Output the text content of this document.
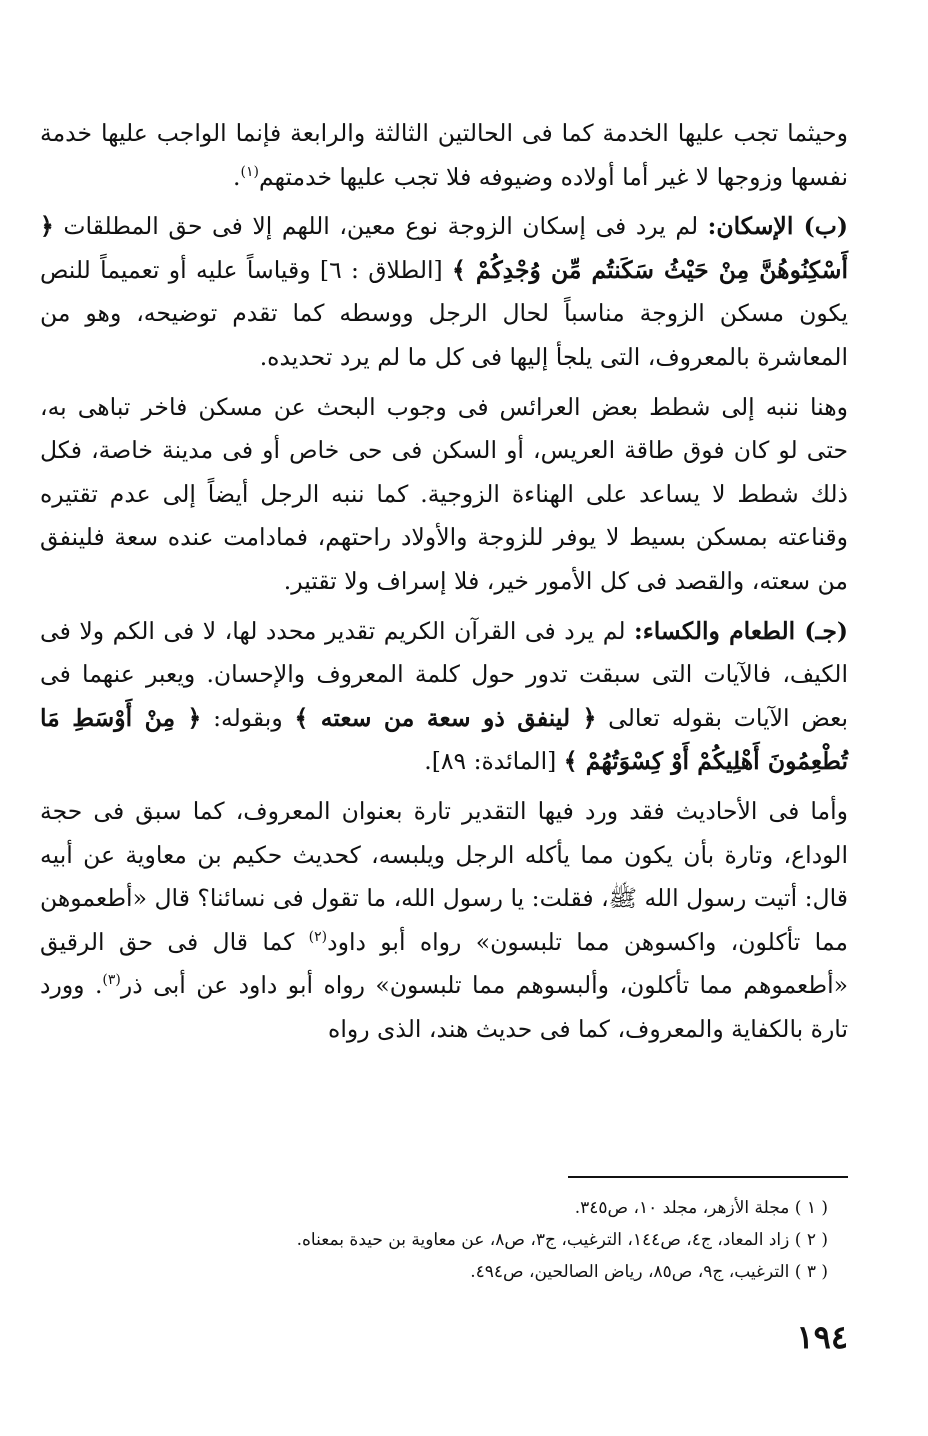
وحيثما تجب عليها الخدمة كما فى الحالتين الثالثة والرابعة فإنما الواجب عليها خدمة نفسها وزوجها لا غير أما أولاده وضيوفه فلا تجب عليها خدمتهم$^{(١)}$.

(ب) الإسكان: لم يرد فى إسكان الزوجة نوع معين، اللهم إلا فى حق المطلقات ﴿ أَسْكِنُوهُنَّ مِنْ حَيْثُ سَكَنتُم مِّن وُجْدِكُمْ ﴾ [الطلاق : ٦] وقياساً عليه أو تعميماً للنص يكون مسكن الزوجة مناسباً لحال الرجل ووسطه كما تقدم توضيحه، وهو من المعاشرة بالمعروف، التى يلجأ إليها فى كل ما لم يرد تحديده.

وهنا ننبه إلى شطط بعض العرائس فى وجوب البحث عن مسكن فاخر تباهى به، حتى لو كان فوق طاقة العريس، أو السكن فى حى خاص أو فى مدينة خاصة، فكل ذلك شطط لا يساعد على الهناءة الزوجية. كما ننبه الرجل أيضاً إلى عدم تقتيره وقناعته بمسكن بسيط لا يوفر للزوجة والأولاد راحتهم، فمادامت عنده سعة فلينفق من سعته، والقصد فى كل الأمور خير، فلا إسراف ولا تقتير.

(جـ) الطعام والكساء: لم يرد فى القرآن الكريم تقدير محدد لها، لا فى الكم ولا فى الكيف، فالآيات التى سبقت تدور حول كلمة المعروف والإحسان. ويعبر عنهما فى بعض الآيات بقوله تعالى ﴿ لينفق ذو سعة من سعته ﴾ وبقوله: ﴿ مِنْ أَوْسَطِ مَا تُطْعِمُونَ أَهْلِيكُمْ أَوْ كِسْوَتُهُمْ ﴾ [المائدة: ٨٩].

وأما فى الأحاديث فقد ورد فيها التقدير تارة بعنوان المعروف، كما سبق فى حجة الوداع، وتارة بأن يكون مما يأكله الرجل ويلبسه، كحديث حكيم بن معاوية عن أبيه قال: أتيت رسول الله ﷺ، فقلت: يا رسول الله، ما تقول فى نسائنا؟ قال «أطعموهن مما تأكلون، واكسوهن مما تلبسون» رواه أبو داود$^{(٢)}$ كما قال فى حق الرقيق «أطعموهم مما تأكلون، وألبسوهم مما تلبسون» رواه أبو داود عن أبى ذر$^{(٣)}$. وورد تارة بالكفاية والمعروف، كما فى حديث هند، الذى رواه

( ١ ) مجلة الأزهر، مجلد ١٠، ص٣٤٥.
( ٢ ) زاد المعاد، ج٤، ص١٤٤، الترغيب، ج٣، ص٨، عن معاوية بن حيدة بمعناه.
( ٣ ) الترغيب، ج٩، ص٨٥، رياض الصالحين، ص٤٩٤.
١٩٤
